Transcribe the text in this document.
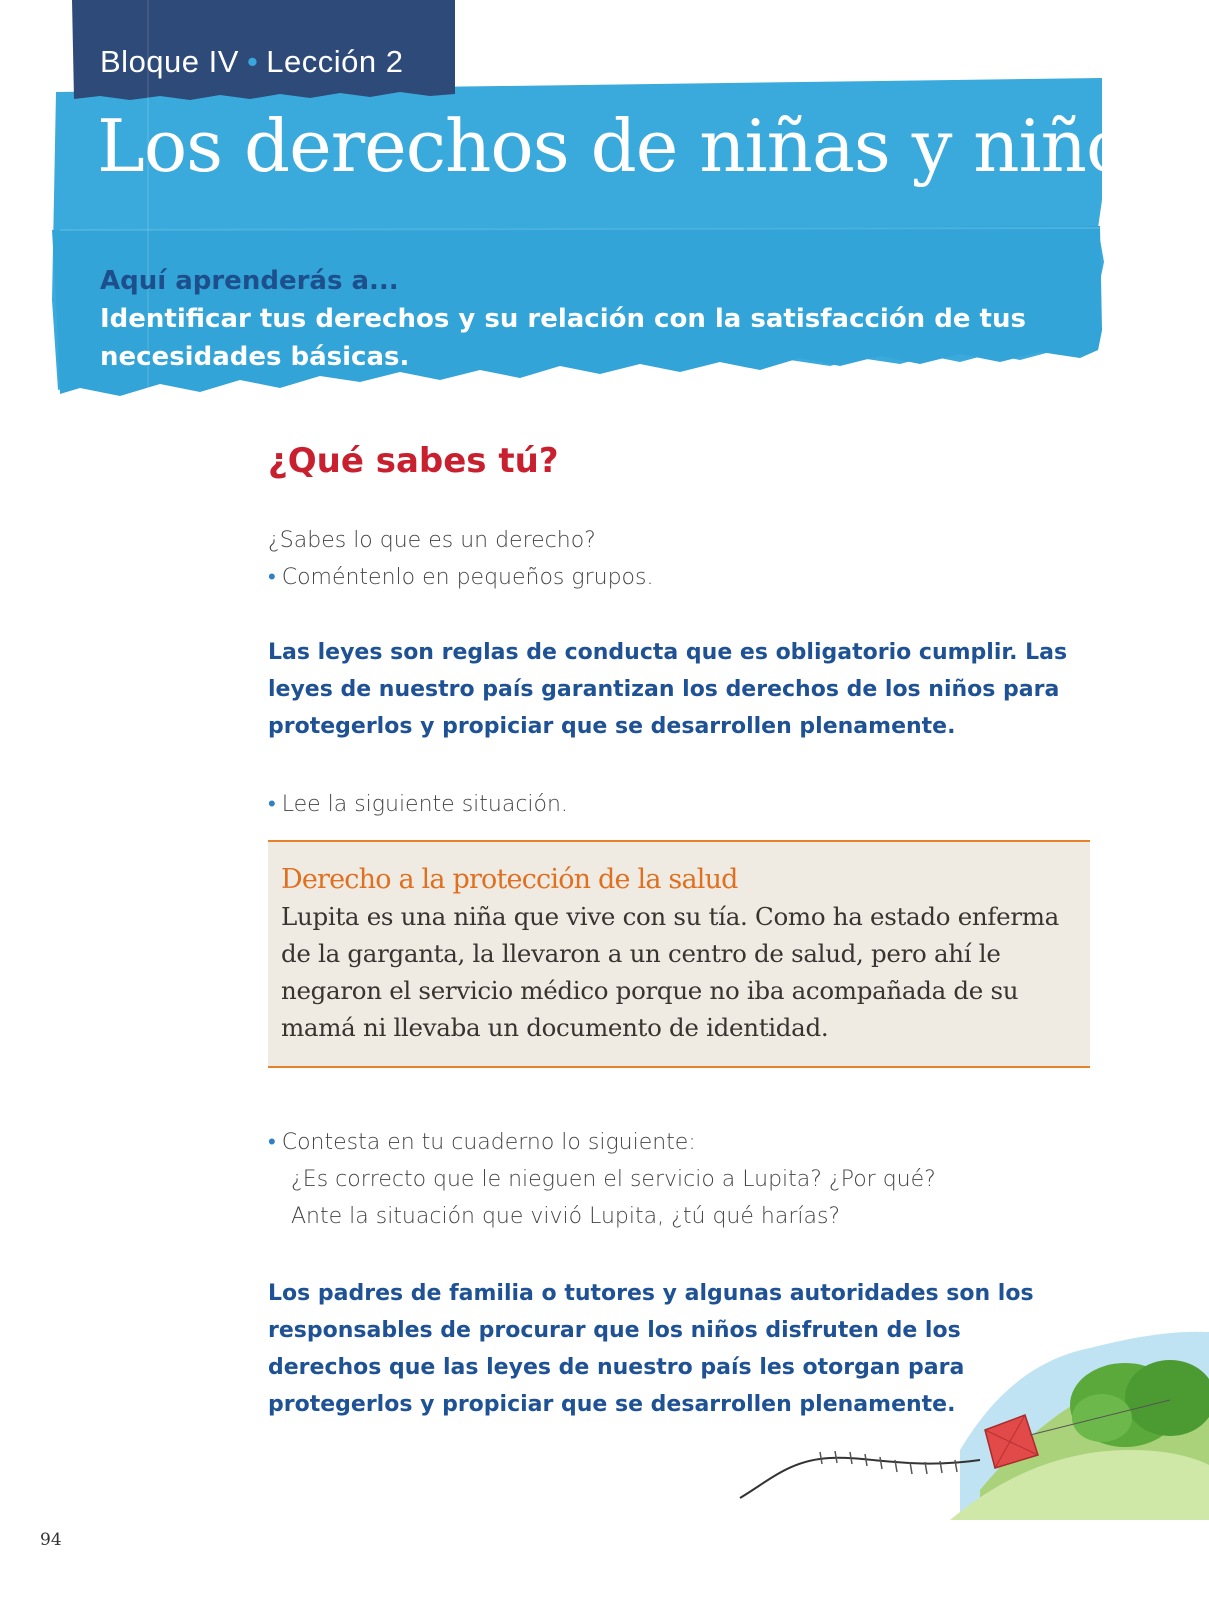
Bloque IV • Lección 2
Los derechos de niñas y niños
Aquí aprenderás a...
Identificar tus derechos y su relación con la satisfacción de tus necesidades básicas.
¿Qué sabes tú?

¿Sabes lo que es un derecho?

• Coméntenlo en pequeños grupos.

Las leyes son reglas de conducta que es obligatorio cumplir. Las leyes de nuestro país garantizan los derechos de los niños para protegerlos y propiciar que se desarrollen plenamente.

• Lee la siguiente situación.

Derecho a la protección de la salud

Lupita es una niña que vive con su tía. Como ha estado enferma de la garganta, la llevaron a un centro de salud, pero ahí le negaron el servicio médico porque no iba acompañada de su mamá ni llevaba un documento de identidad.

• Contesta en tu cuaderno lo siguiente:

¿Es correcto que le nieguen el servicio a Lupita? ¿Por qué?

Ante la situación que vivió Lupita, ¿tú qué harías?

Los padres de familia o tutores y algunas autoridades son los responsables de procurar que los niños disfruten de los derechos que las leyes de nuestro país les otorgan para protegerlos y propiciar que se desarrollen plenamente.

94
